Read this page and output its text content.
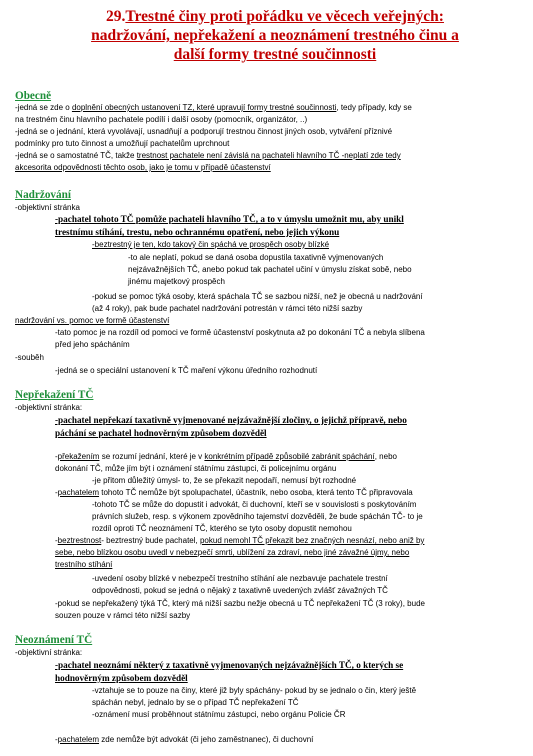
29.Trestné činy proti pořádku ve věcech veřejných:
nadržování, nepřekažení a neoznámení trestného činu a
další formy trestné součinnosti
Obecně
-jedná se zde o doplnění obecných ustanovení TZ, které upravují formy trestné součinnosti, tedy případy, kdy se
na trestném činu hlavního pachatele podílí i další osoby (pomocník, organizátor, ..)
-jedná se o jednání, která vyvolávají, usnadňují a podporují trestnou činnost jiných osob, vytváření příznivé
podmínky pro tuto činnost a umožňují pachatelům uprchnout
-jedná se o samostatné TČ, takže trestnost pachatele není závislá na pachateli hlavního TČ -neplatí zde tedy
akcesorita odpovědnosti těchto osob, jako je tomu v případě účastenství
Nadržování
-objektivní stránka
-pachatel tohoto TČ pomůže pachateli hlavního TČ, a to v úmyslu umožnit mu, aby unikl
trestnímu stíhání, trestu, nebo ochrannému opatření, nebo jejich výkonu
-beztrestný je ten, kdo takový čin spáchá ve prospěch osoby blízké
-to ale neplatí, pokud se daná osoba dopustila taxativně vyjmenovaných
nejzávažnějších TČ, anebo pokud tak pachatel učiní v úmyslu získat sobě, nebo
jinému majetkový prospěch
-pokud se pomoc týká osoby, která spáchala TČ se sazbou nižší, než je obecná u nadržování
(až 4 roky), pak bude pachatel nadržování potrestán v rámci této nižší sazby
nadržování vs. pomoc ve formě účastenství
-tato pomoc je na rozdíl od pomoci ve formě účastenství poskytnuta až po dokonání TČ a nebyla slíbena
před jeho spácháním
-souběh
-jedná se o speciální ustanovení k TČ maření výkonu úředního rozhodnutí
Nepřekažení TČ
-objektivní stránka:
-pachatel nepřekazí taxativně vyjmenované nejzávažnější zločiny, o jejichž přípravě, nebo
páchání se pachatel hodnověrným způsobem dozvěděl
-překažením se rozumí jednání, které je v konkrétním případě způsobilé zabránit spáchání, nebo
dokonání TČ, může jím být i oznámení státnímu zástupci, či policejnímu orgánu
-je přitom důležitý úmysl- to, že se překazit nepodaří, nemusí být rozhodné
-pachatelem tohoto TČ nemůže být spolupachatel, účastník, nebo osoba, která tento TČ připravovala
-tohoto TČ se může do dopustit i advokát, či duchovní, kteří se v souvislosti s poskytováním
právních služeb, resp. s výkonem zpovědního tajemství dozvěděli, že bude spáchán TČ- to je
rozdíl oproti TČ neoznámení TČ, kterého se tyto osoby dopustit nemohou
-beztrestnost- beztrestný bude pachatel, pokud nemohl TČ překazit bez značných nesnází, nebo aniž by
sebe, nebo blízkou osobu uvedl v nebezpečí smrti, ublížení za zdraví, nebo jiné závažné újmy, nebo
trestního stíhání
-uvedení osoby blízké v nebezpečí trestního stíhání ale nezbavuje pachatele trestní
odpovědnosti, pokud se jedná o nějaký z taxativně uvedených zvlášť závažných TČ
-pokud se nepřekažený týká TČ, který má nižší sazbu nežje obecná u TČ nepřekažení TČ (3 roky), bude
souzen pouze v rámci této nižší sazby
Neoznámení TČ
-objektivní stránka:
-pachatel neoznámí některý z taxativně vyjmenovaných nejzávažnějších TČ, o kterých se
hodnověrným způsobem dozvěděl
-vztahuje se to pouze na činy, které již byly spáchány- pokud by se jednalo o čin, který ještě
spáchán nebyl, jednalo by se o případ TČ nepřekažení TČ
-oznámení musí proběhnout státnímu zástupci, nebo orgánu Policie ČR
-pachatelem zde nemůže být advokát (či jeho zaměstnanec), či duchovní
